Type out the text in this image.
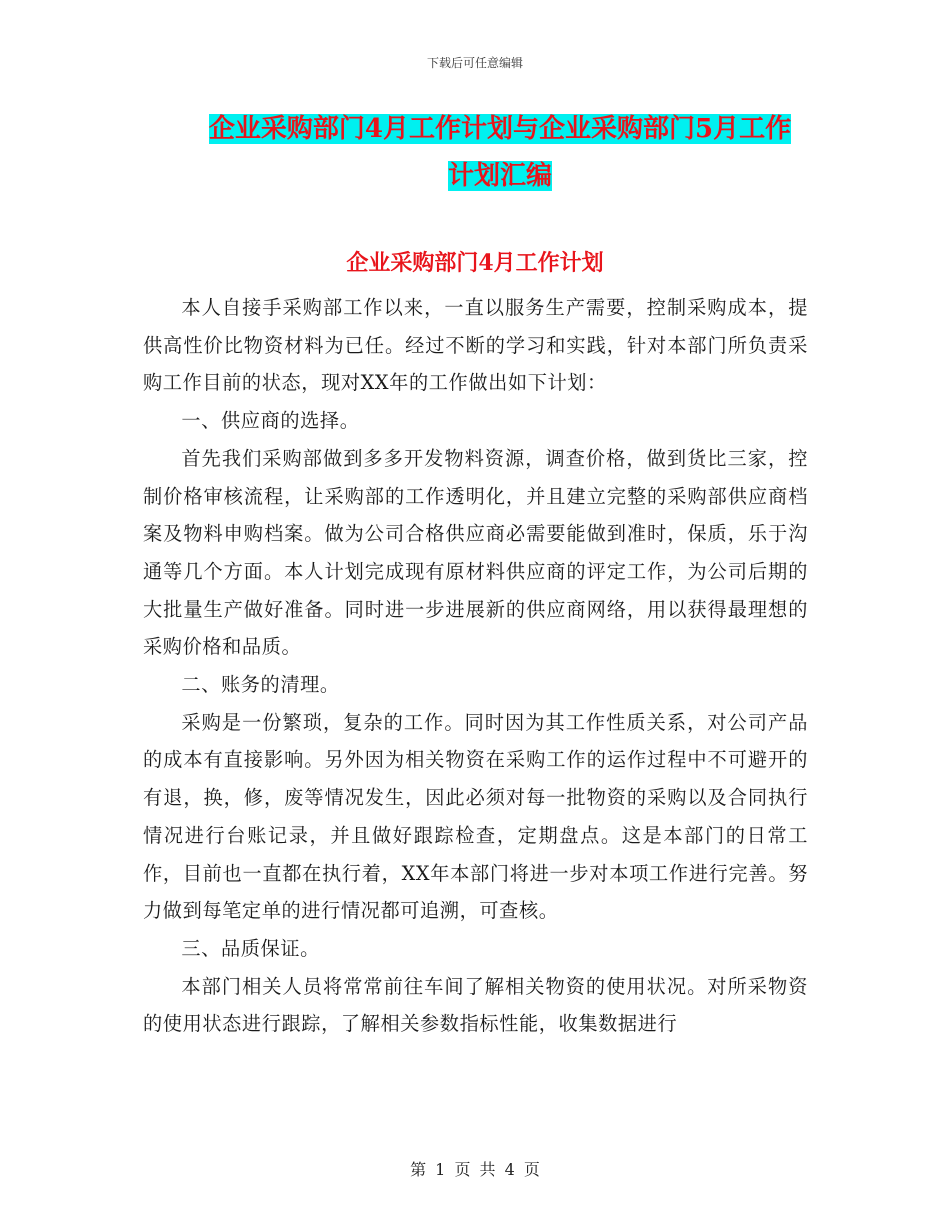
下载后可任意编辑
企业采购部门4月工作计划与企业采购部门5月工作
计划汇编
企业采购部门4月工作计划

本人自接手采购部工作以来，一直以服务生产需要，控制采购成本，提供高性价比物资材料为已任。经过不断的学习和实践，针对本部门所负责采购工作目前的状态，现对XX年的工作做出如下计划：

一、供应商的选择。

首先我们采购部做到多多开发物料资源，调查价格，做到货比三家，控制价格审核流程，让采购部的工作透明化，并且建立完整的采购部供应商档案及物料申购档案。做为公司合格供应商必需要能做到准时，保质，乐于沟通等几个方面。本人计划完成现有原材料供应商的评定工作，为公司后期的大批量生产做好准备。同时进一步进展新的供应商网络，用以获得最理想的采购价格和品质。

二、账务的清理。

采购是一份繁琐，复杂的工作。同时因为其工作性质关系，对公司产品的成本有直接影响。另外因为相关物资在采购工作的运作过程中不可避开的有退，换，修，废等情况发生，因此必须对每一批物资的采购以及合同执行情况进行台账记录，并且做好跟踪检查，定期盘点。这是本部门的日常工作，目前也一直都在执行着，XX年本部门将进一步对本项工作进行完善。努力做到每笔定单的进行情况都可追溯，可查核。

三、品质保证。

本部门相关人员将常常前往车间了解相关物资的使用状况。对所采物资的使用状态进行跟踪，了解相关参数指标性能，收集数据进行

第 1 页 共 4 页
